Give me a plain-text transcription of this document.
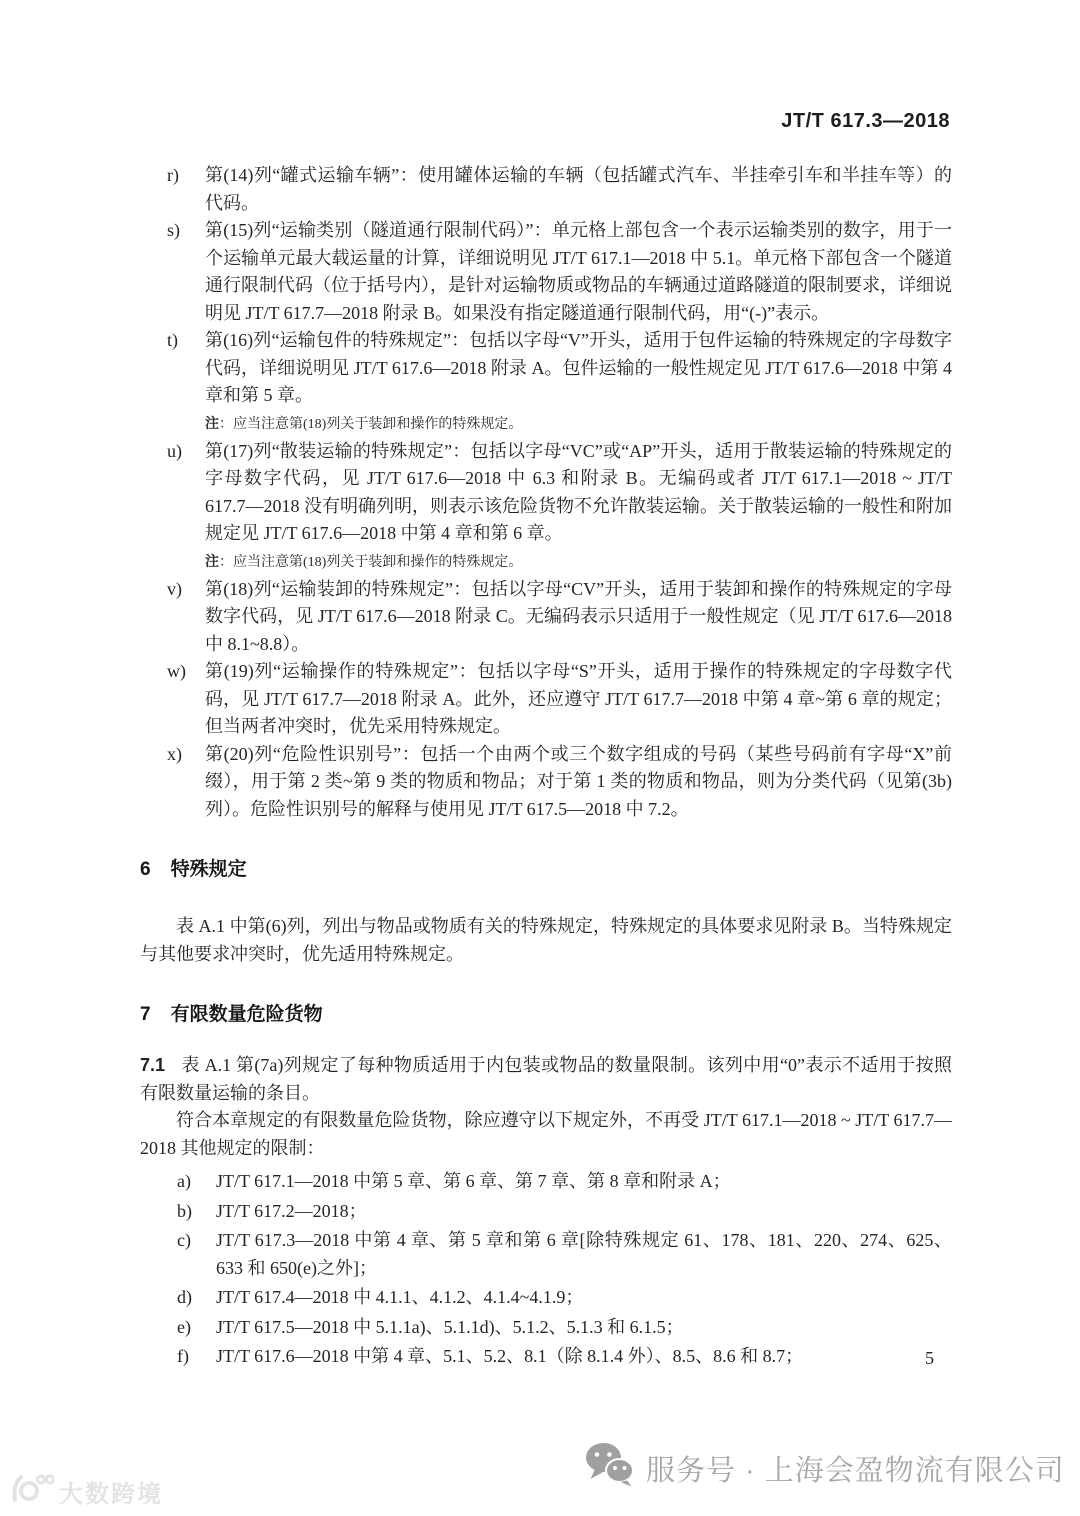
JT/T 617.3—2018
r) 第(14)列“罐式运输车辆”：使用罐体运输的车辆（包括罐式汽车、半挂牵引车和半挂车等）的代码。
s) 第(15)列“运输类别（隧道通行限制代码）”：单元格上部包含一个表示运输类别的数字，用于一个运输单元最大载运量的计算，详细说明见 JT/T 617.1—2018 中 5.1。单元格下部包含一个隧道通行限制代码（位于括号内），是针对运输物质或物品的车辆通过道路隧道的限制要求，详细说明见 JT/T 617.7—2018 附录 B。如果没有指定隧道通行限制代码，用“(-)”表示。
t) 第(16)列“运输包件的特殊规定”：包括以字母“V”开头，适用于包件运输的特殊规定的字母数字代码，详细说明见 JT/T 617.6—2018 附录 A。包件运输的一般性规定见 JT/T 617.6—2018 中第 4 章和第 5 章。
注：应当注意第(18)列关于装卸和操作的特殊规定。
u) 第(17)列“散装运输的特殊规定”：包括以字母“VC”或“AP”开头，适用于散装运输的特殊规定的字母数字代码，见 JT/T 617.6—2018 中 6.3 和附录 B。无编码或者 JT/T 617.1—2018 ~ JT/T 617.7—2018 没有明确列明，则表示该危险货物不允许散装运输。关于散装运输的一般性和附加规定见 JT/T 617.6—2018 中第 4 章和第 6 章。
注：应当注意第(18)列关于装卸和操作的特殊规定。
v) 第(18)列“运输装卸的特殊规定”：包括以字母“CV”开头，适用于装卸和操作的特殊规定的字母数字代码，见 JT/T 617.6—2018 附录 C。无编码表示只适用于一般性规定（见 JT/T 617.6—2018 中 8.1~8.8）。
w) 第(19)列“运输操作的特殊规定”：包括以字母“S”开头，适用于操作的特殊规定的字母数字代码，见 JT/T 617.7—2018 附录 A。此外，还应遵守 JT/T 617.7—2018 中第 4 章~第 6 章的规定；但当两者冲突时，优先采用特殊规定。
x) 第(20)列“危险性识别号”：包括一个由两个或三个数字组成的号码（某些号码前有字母“X”前缀），用于第 2 类~第 9 类的物质和物品；对于第 1 类的物质和物品，则为分类代码（见第(3b)列）。危险性识别号的解释与使用见 JT/T 617.5—2018 中 7.2。
6 特殊规定
表 A.1 中第(6)列，列出与物品或物质有关的特殊规定，特殊规定的具体要求见附录 B。当特殊规定与其他要求冲突时，优先适用特殊规定。
7 有限数量危险货物
7.1 表 A.1 第(7a)列规定了每种物质适用于内包装或物品的数量限制。该列中用“0”表示不适用于按照有限数量运输的条目。
符合本章规定的有限数量危险货物，除应遵守以下规定外，不再受 JT/T 617.1—2018 ~ JT/T 617.7—2018 其他规定的限制：
a) JT/T 617.1—2018 中第 5 章、第 6 章、第 7 章、第 8 章和附录 A；
b) JT/T 617.2—2018；
c) JT/T 617.3—2018 中第 4 章、第 5 章和第 6 章[除特殊规定 61、178、181、220、274、625、633 和 650(e)之外]；
d) JT/T 617.4—2018 中 4.1.1、4.1.2、4.1.4~4.1.9；
e) JT/T 617.5—2018 中 5.1.1a)、5.1.1d)、5.1.2、5.1.3 和 6.1.5；
f) JT/T 617.6—2018 中第 4 章、5.1、5.2、8.1（除 8.1.4 外）、8.5、8.6 和 8.7；	5
服务号 · 上海会盈物流有限公司
大数跨境
